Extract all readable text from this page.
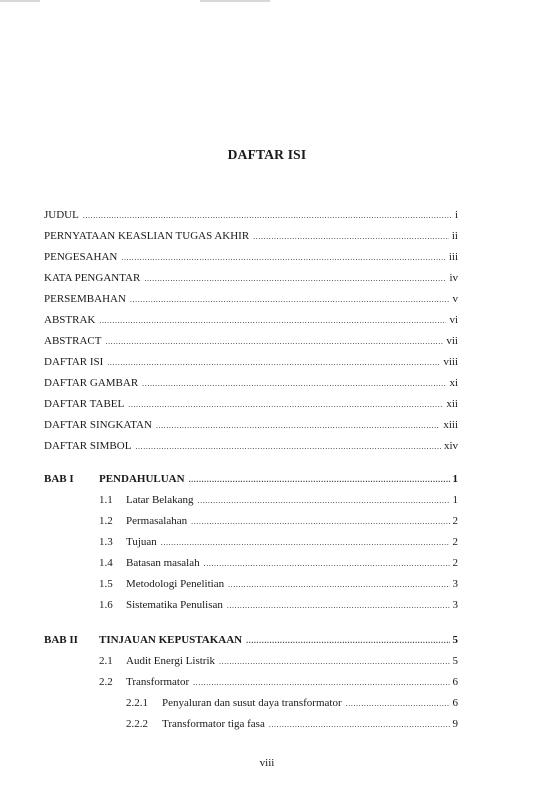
DAFTAR ISI
JUDUL .....	i
PERNYATAAN KEASLIAN TUGAS AKHIR .....	ii
PENGESAHAN .....	iii
KATA PENGANTAR .....	iv
PERSEMBAHAN .....	v
ABSTRAK .....	vi
ABSTRACT .....	vii
DAFTAR ISI .....	viii
DAFTAR GAMBAR .....	xi
DAFTAR TABEL .....	xii
DAFTAR SINGKATAN .....	xiii
DAFTAR SIMBOL .....	xiv
BAB I PENDAHULUAN .....	1
1.1 Latar Belakang .....	1
1.2 Permasalahan .....	2
1.3 Tujuan .....	2
1.4 Batasan masalah .....	2
1.5 Metodologi Penelitian .....	3
1.6 Sistematika Penulisan .....	3
BAB II TINJAUAN KEPUSTAKAAN .....	5
2.1 Audit Energi Listrik .....	5
2.2 Transformator .....	6
2.2.1 Penyaluran dan susut daya transformator .....	6
2.2.2 Transformator tiga fasa .....	9
viii
